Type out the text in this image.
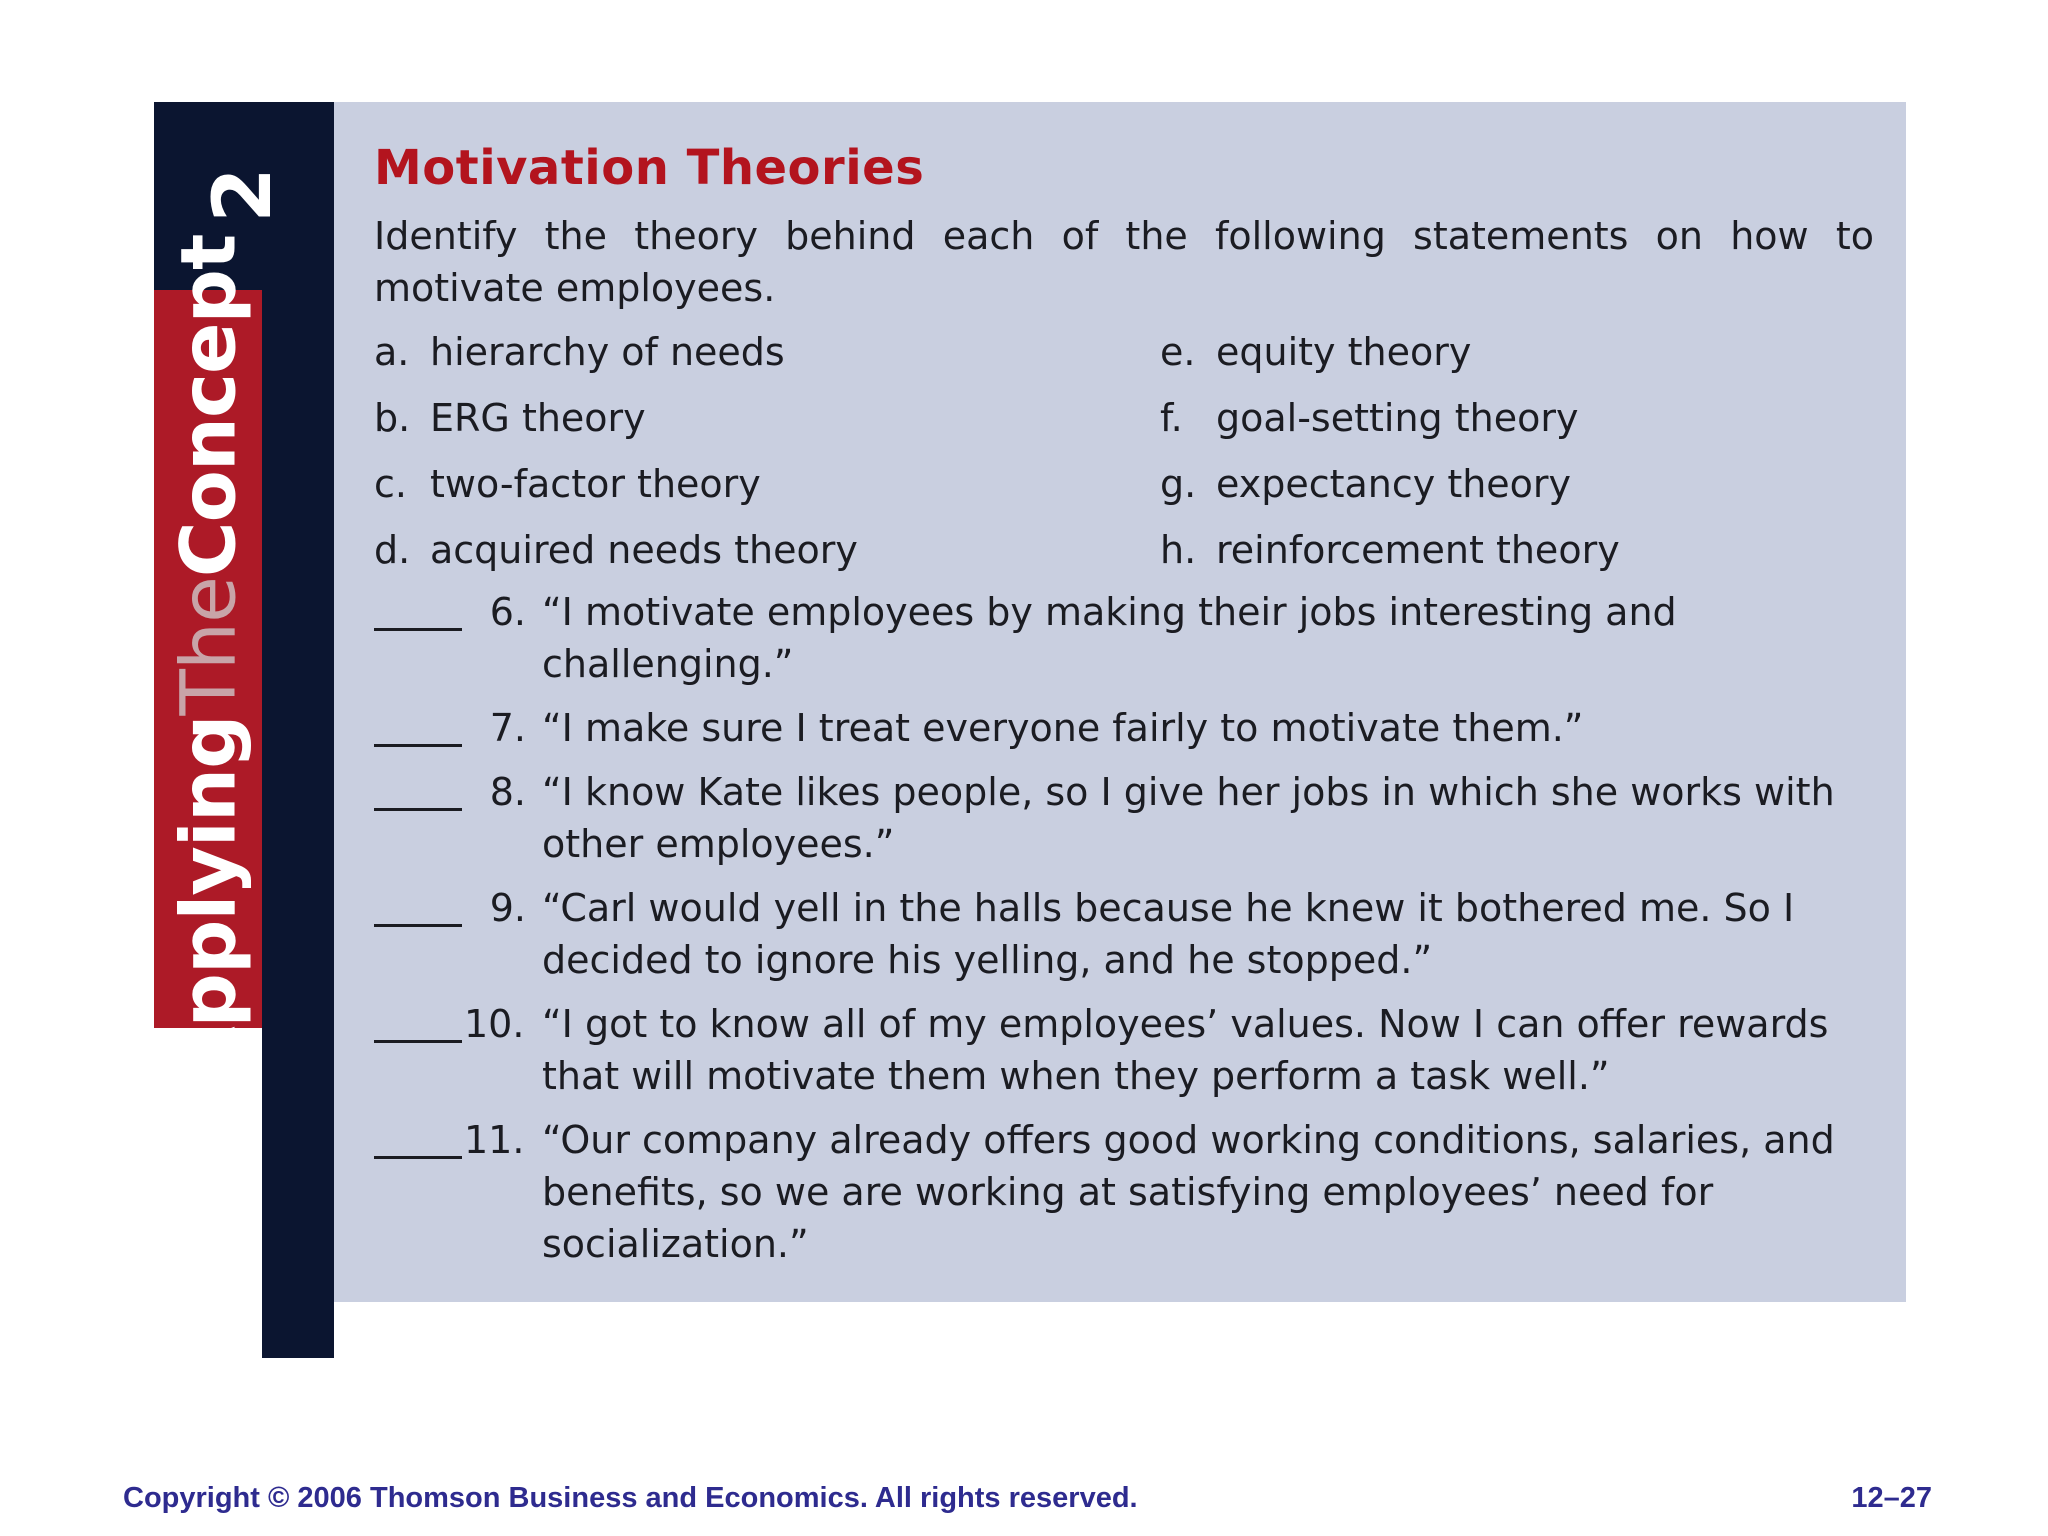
2
ApplyingTheConcept
Motivation Theories
Identify the theory behind each of the following statements on how to motivate employees.
a. hierarchy of needs	e. equity theory
b. ERG theory	f. goal-setting theory
c. two-factor theory	g. expectancy theory
d. acquired needs theory	h. reinforcement theory
6. “I motivate employees by making their jobs interesting and challenging.”
7. “I make sure I treat everyone fairly to motivate them.”
8. “I know Kate likes people, so I give her jobs in which she works with other employees.”
9. “Carl would yell in the halls because he knew it bothered me. So I decided to ignore his yelling, and he stopped.”
10. “I got to know all of my employees’ values. Now I can offer rewards that will motivate them when they perform a task well.”
11. “Our company already offers good working conditions, salaries, and benefits, so we are working at satisfying employees’ need for socialization.”
Copyright © 2006 Thomson Business and Economics. All rights reserved.	12–27
